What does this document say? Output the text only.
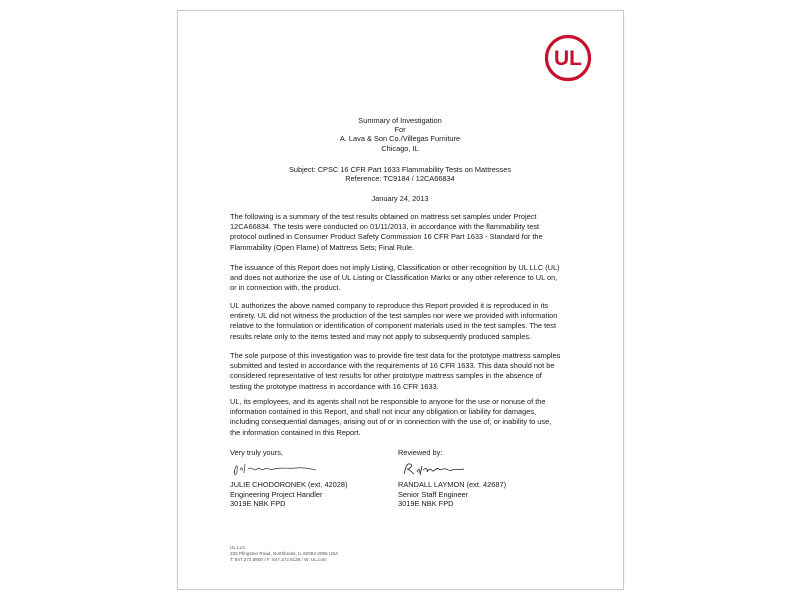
UL
Summary of Investigation
For
A. Lava & Son Co./Villegas Furniture
Chicago, IL
Subject: CPSC 16 CFR Part 1633 Flammability Tests on Mattresses
Reference: TC9184 / 12CA66834
January 24, 2013
The following is a summary of the test results obtained on mattress set samples under Project
12CA66834. The tests were conducted on 01/11/2013, in accordance with the flammability test
protocol outlined in Consumer Product Safety Commission 16 CFR Part 1633 - Standard for the
Flammability (Open Flame) of Mattress Sets; Final Rule.
The issuance of this Report does not imply Listing, Classification or other recognition by UL LLC (UL)
and does not authorize the use of UL Listing or Classification Marks or any other reference to UL on,
or in connection with, the product.
UL authorizes the above named company to reproduce this Report provided it is reproduced in its
entirety. UL did not witness the production of the test samples nor were we provided with information
relative to the formulation or identification of component materials used in the test samples. The test
results relate only to the items tested and may not apply to subsequently produced samples.
The sole purpose of this investigation was to provide fire test data for the prototype mattress samples
submitted and tested in accordance with the requirements of 16 CFR 1633. This data should not be
considered representative of test results for other prototype mattress samples in the absence of
testing the prototype mattress in accordance with 16 CFR 1633.
UL, its employees, and its agents shall not be responsible to anyone for the use or nonuse of the
information contained in this Report, and shall not incur any obligation or liability for damages,
including consequential damages, arising out of or in connection with the use of, or inability to use,
the information contained in this Report.
Very truly yours,
JULIE CHODORONEK (ext. 42028)
Engineering Project Handler
3019E NBK FPD
Reviewed by:
RANDALL LAYMON (ext. 42687)
Senior Staff Engineer
3019E NBK FPD
UL LLC
333 Pfingsten Road, Northbrook, IL 60062-2096 USA
T: 847.272.8800 / F: 847.272.8129 / W: UL.com
